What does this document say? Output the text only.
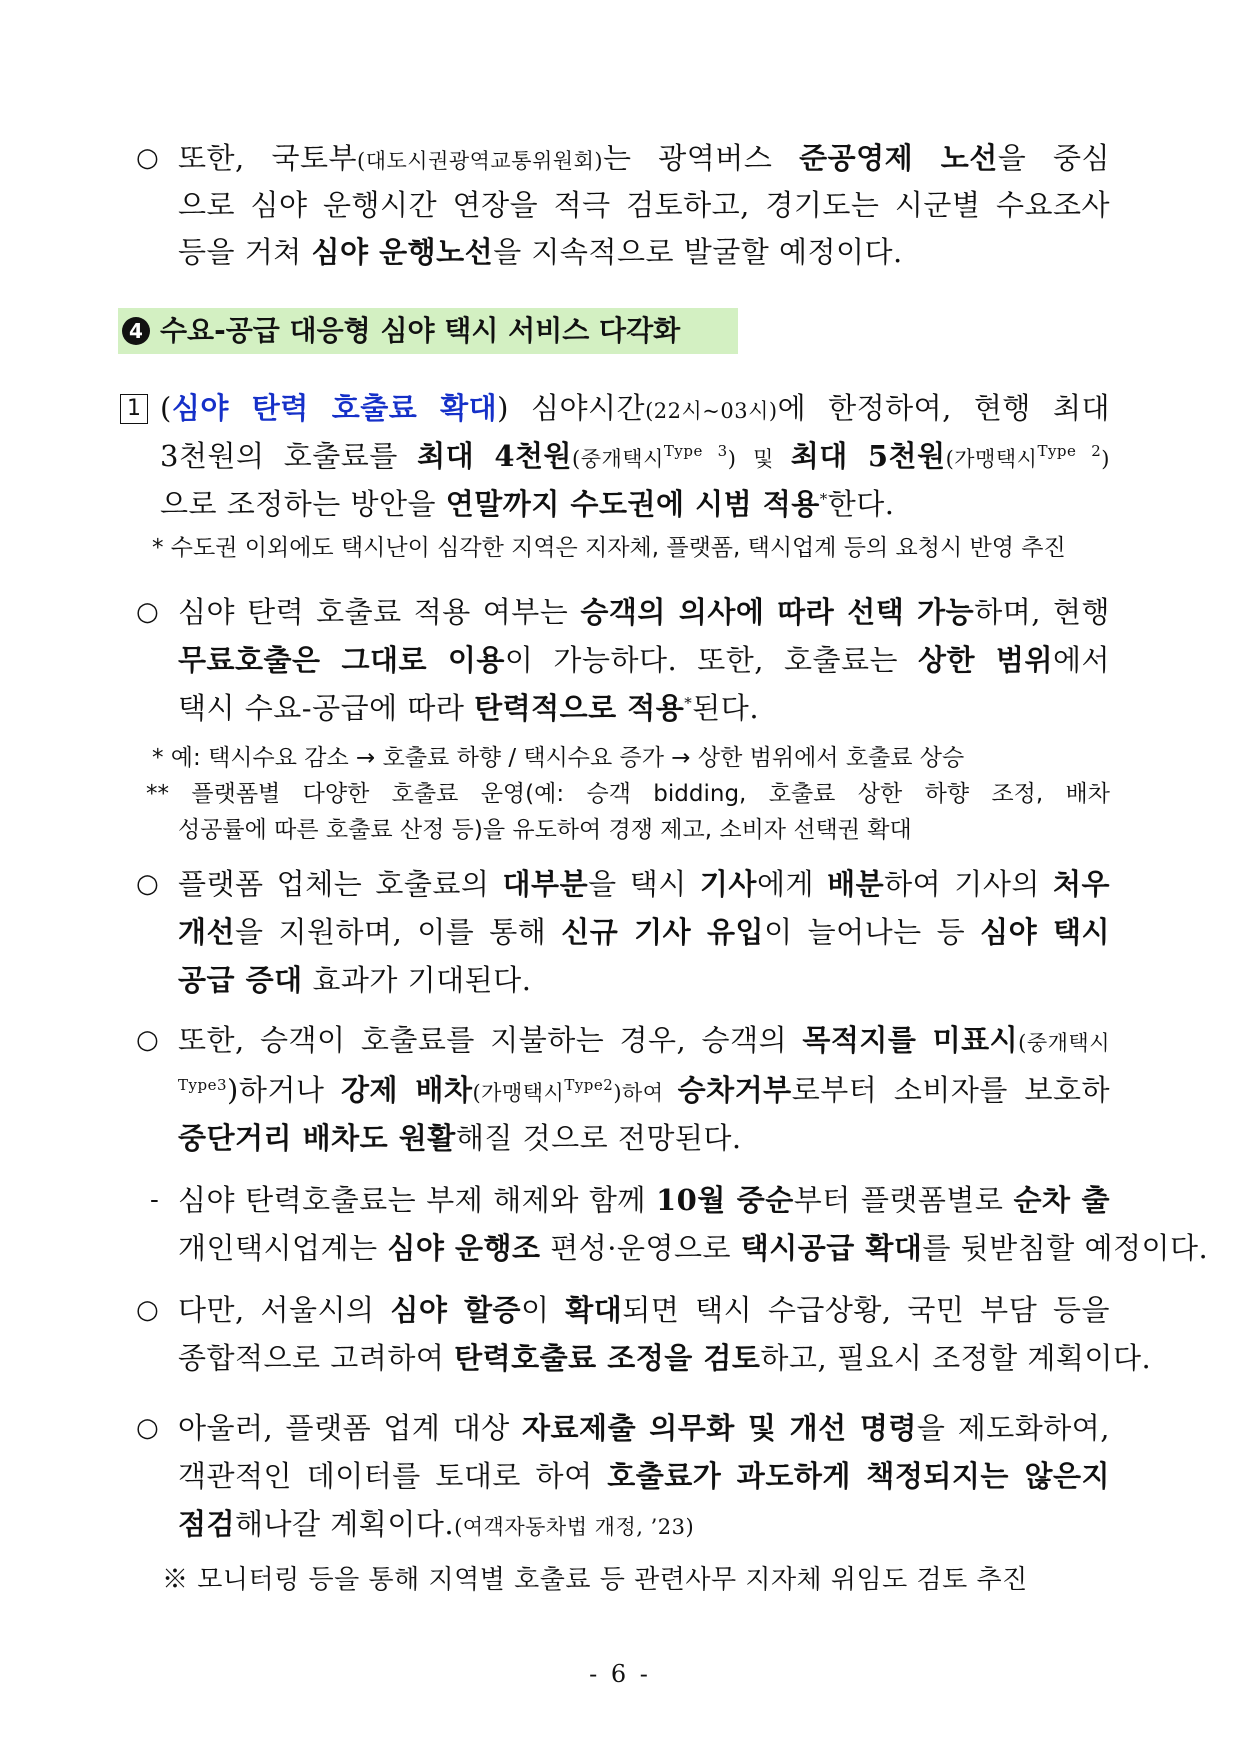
○ 또한, 국토부(대도시권광역교통위원회)는 광역버스 준공영제 노선을 중심
으로 심야 운행시간 연장을 적극 검토하고, 경기도는 시군별 수요조사
등을 거쳐 심야 운행노선을 지속적으로 발굴할 예정이다.
4 수요-공급 대응형 심야 택시 서비스 다각화
1 (심야 탄력 호출료 확대) 심야시간(22시~03시)에 한정하여, 현행 최대
3천원의 호출료를 최대 4천원(중개택시$^{Type 3}$) 및 최대 5천원(가맹택시$^{Type 2}$)
으로 조정하는 방안을 연말까지 수도권에 시범 적용*한다.
* 수도권 이외에도 택시난이 심각한 지역은 지자체, 플랫폼, 택시업계 등의 요청시 반영 추진
○ 심야 탄력 호출료 적용 여부는 승객의 의사에 따라 선택 가능하며, 현행
무료호출은 그대로 이용이 가능하다. 또한, 호출료는 상한 범위에서
택시 수요-공급에 따라 탄력적으로 적용*된다.
* 예: 택시수요 감소 → 호출료 하향 / 택시수요 증가 → 상한 범위에서 호출료 상승
** 플랫폼별 다양한 호출료 운영(예: 승객 bidding, 호출료 상한 하향 조정, 배차
성공률에 따른 호출료 산정 등)을 유도하여 경쟁 제고, 소비자 선택권 확대
○ 플랫폼 업체는 호출료의 대부분을 택시 기사에게 배분하여 기사의 처우
개선을 지원하며, 이를 통해 신규 기사 유입이 늘어나는 등 심야 택시
공급 증대 효과가 기대된다.
○ 또한, 승객이 호출료를 지불하는 경우, 승객의 목적지를 미표시(중개택시
$^{Type3}$)하거나 강제 배차(가맹택시$^{Type2}$)하여 승차거부로부터 소비자를 보호하
중단거리 배차도 원활해질 것으로 전망된다.
- 심야 탄력호출료는 부제 해제와 함께 10월 중순부터 플랫폼별로 순차 출
개인택시업계는 심야 운행조 편성·운영으로 택시공급 확대를 뒷받침할 예정이다.
○ 다만, 서울시의 심야 할증이 확대되면 택시 수급상황, 국민 부담 등을
종합적으로 고려하여 탄력호출료 조정을 검토하고, 필요시 조정할 계획이다.
○ 아울러, 플랫폼 업계 대상 자료제출 의무화 및 개선 명령을 제도화하여,
객관적인 데이터를 토대로 하여 호출료가 과도하게 책정되지는 않은지
점검해나갈 계획이다.(여객자동차법 개정, ’23)
※ 모니터링 등을 통해 지역별 호출료 등 관련사무 지자체 위임도 검토 추진
- 6 -
